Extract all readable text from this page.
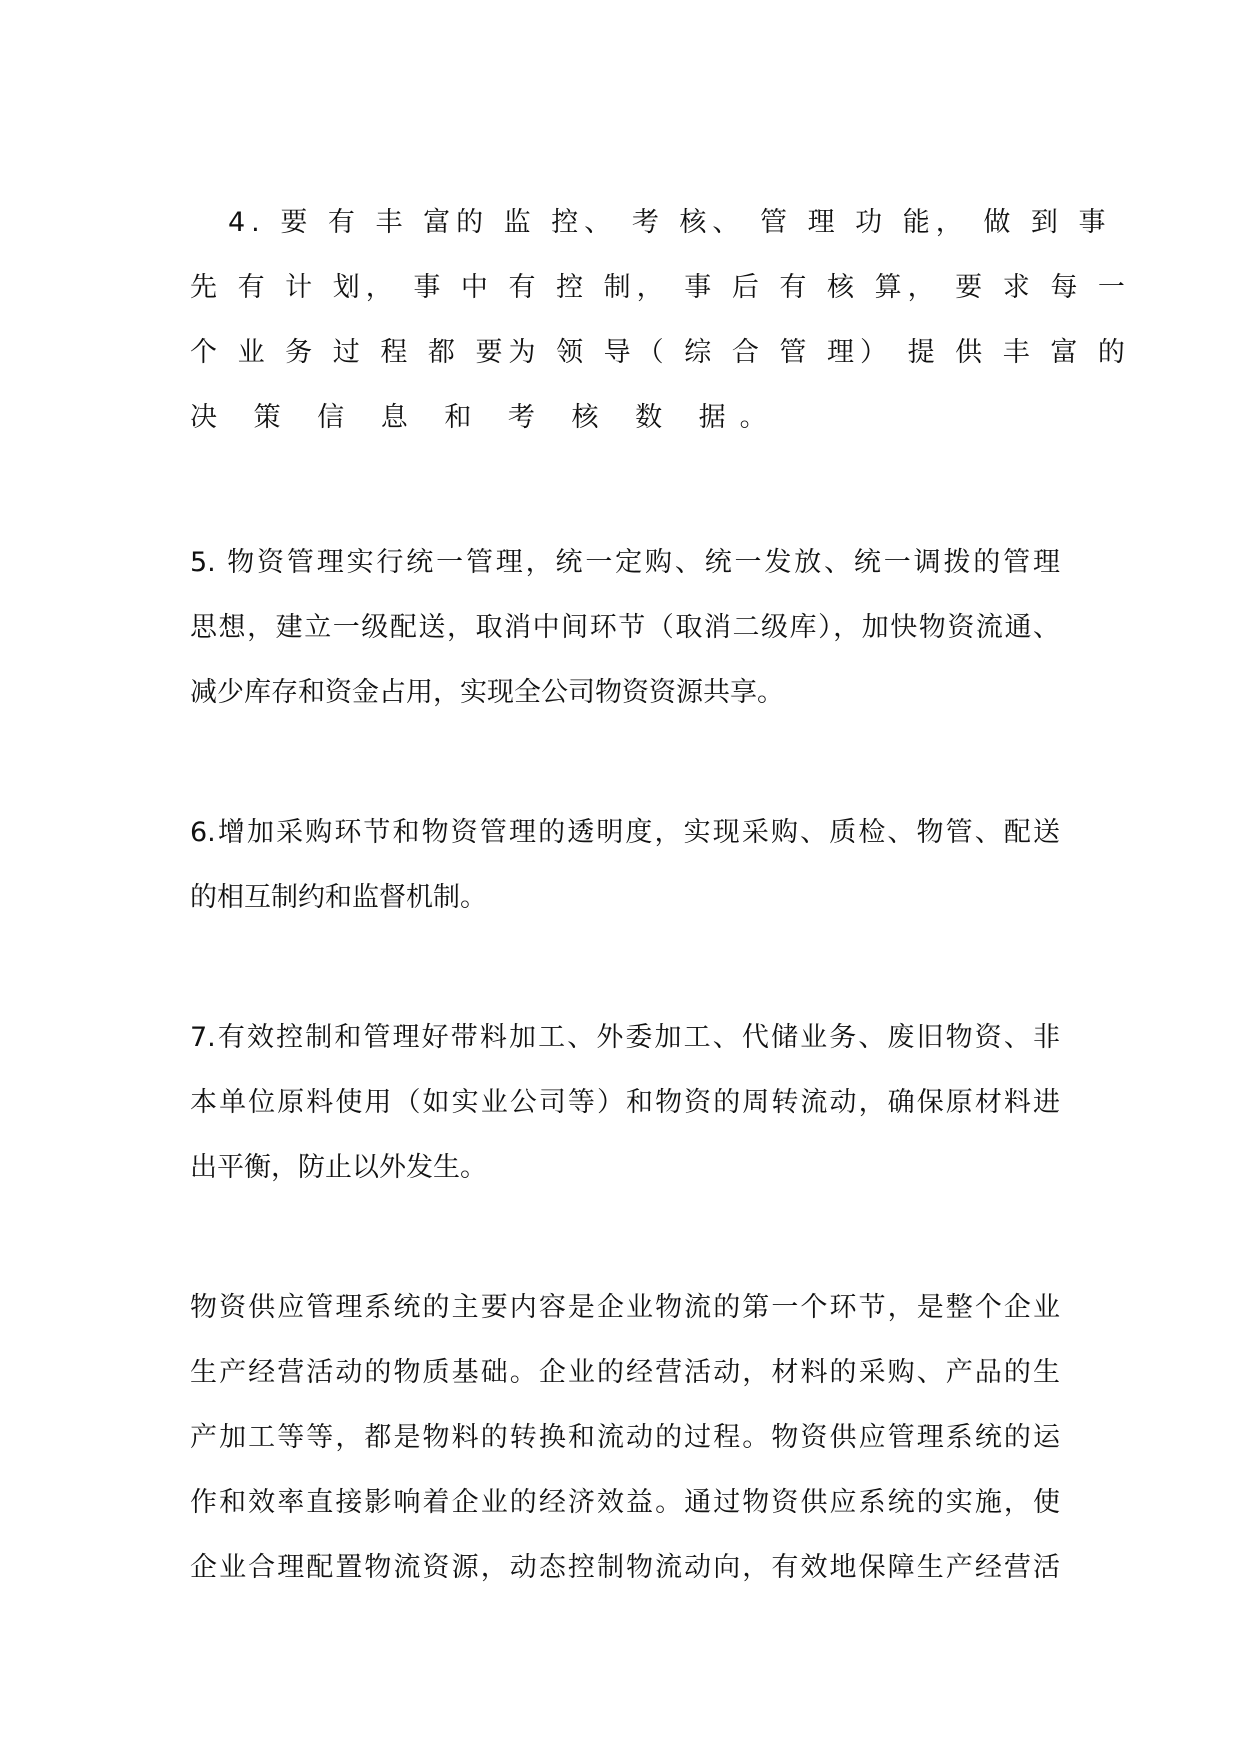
4. 要 有 丰 富的 监 控、 考 核、 管 理 功 能， 做 到 事
先 有 计 划， 事 中 有 控 制， 事 后 有 核 算， 要 求 每 一
个 业 务 过 程 都 要为 领 导（ 综 合 管 理） 提 供 丰 富 的
决 策 信 息 和 考 核 数 据。
5. 物资管理实行统一管理，统一定购、统一发放、统一调拨的管理
思想，建立一级配送，取消中间环节（取消二级库），加快物资流通、
减少库存和资金占用，实现全公司物资资源共享。
6.增加采购环节和物资管理的透明度，实现采购、质检、物管、配送
的相互制约和监督机制。
7.有效控制和管理好带料加工、外委加工、代储业务、废旧物资、非
本单位原料使用（如实业公司等）和物资的周转流动，确保原材料进
出平衡，防止以外发生。
物资供应管理系统的主要内容是企业物流的第一个环节，是整个企业
生产经营活动的物质基础。企业的经营活动，材料的采购、产品的生
产加工等等，都是物料的转换和流动的过程。物资供应管理系统的运
作和效率直接影响着企业的经济效益。通过物资供应系统的实施，使
企业合理配置物流资源，动态控制物流动向，有效地保障生产经营活
